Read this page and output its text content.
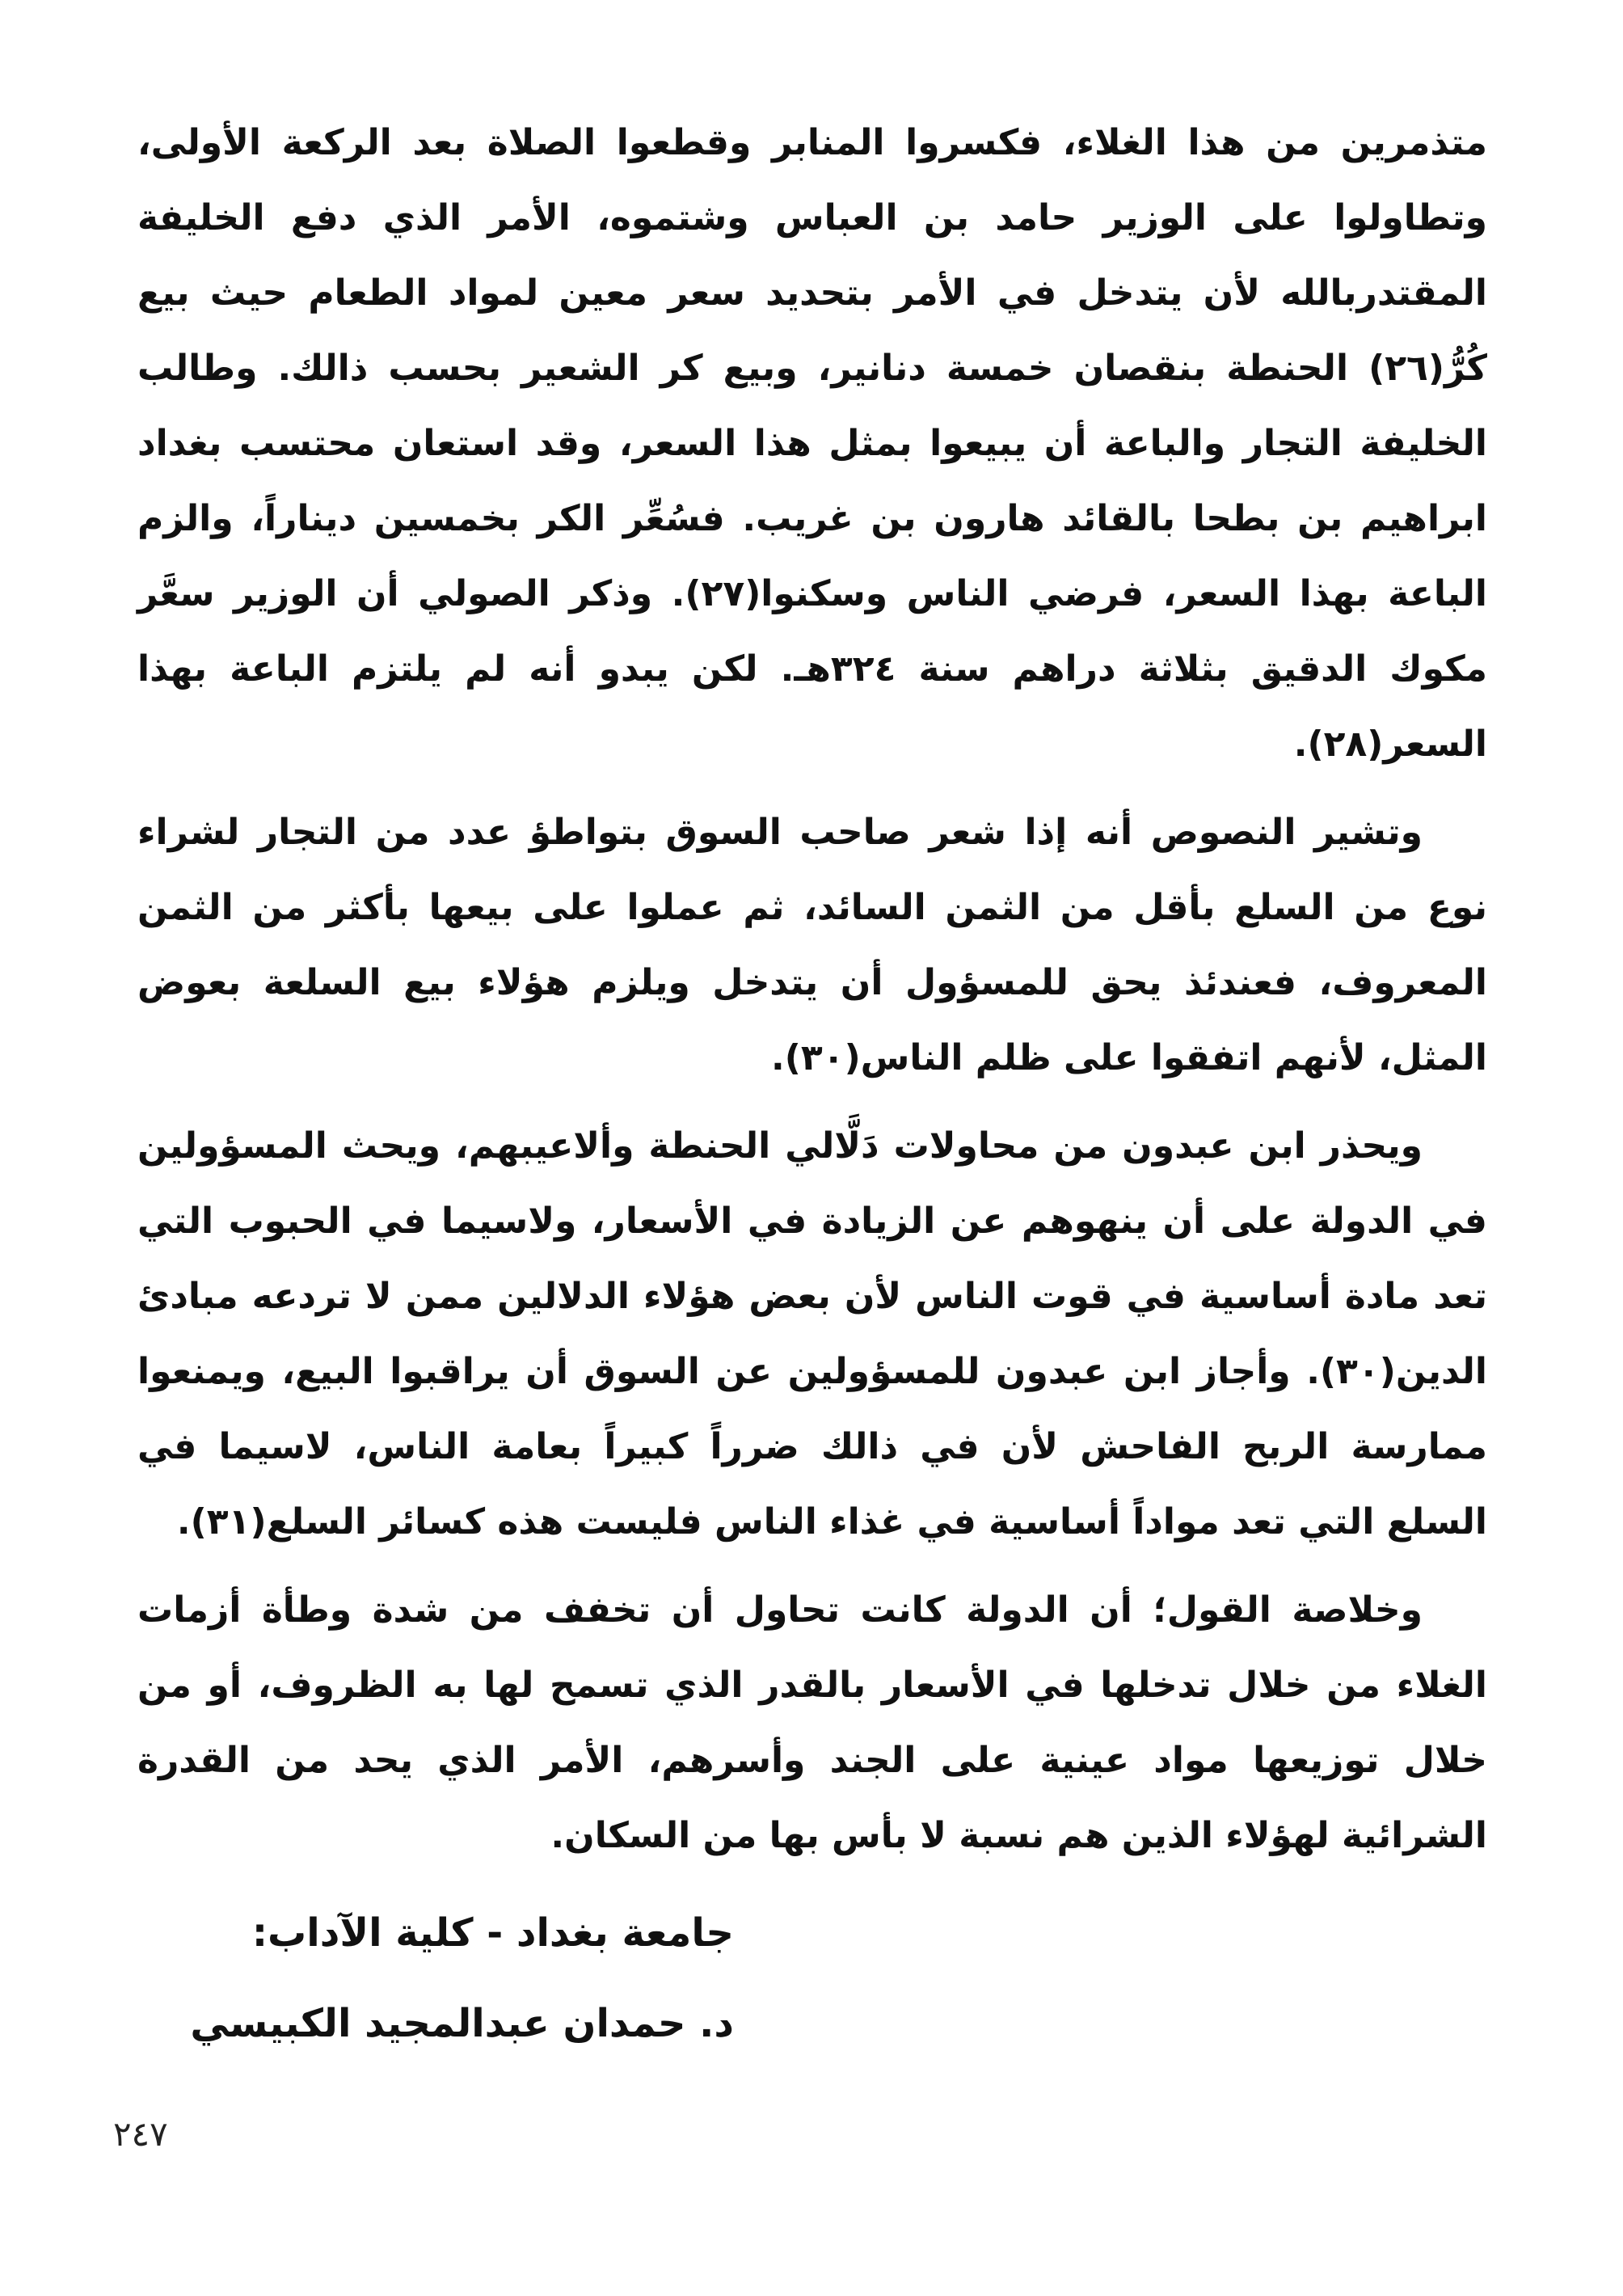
متذمرين من هذا الغلاء، فكسروا المنابر وقطعوا الصلاة بعد الركعة الأولى، وتطاولوا على الوزير حامد بن العباس وشتموه، الأمر الذي دفع الخليفة المقتدربالله لأن يتدخل في الأمر بتحديد سعر معين لمواد الطعام حيث بيع كُرُّ(٢٦) الحنطة بنقصان خمسة دنانير، وبيع كر الشعير بحسب ذالك. وطالب الخليفة التجار والباعة أن يبيعوا بمثل هذا السعر، وقد استعان محتسب بغداد ابراهيم بن بطحا بالقائد هارون بن غريب. فسُعِّر الكر بخمسين ديناراً، والزم الباعة بهذا السعر، فرضي الناس وسكنوا(٢٧). وذكر الصولي أن الوزير سعَّر مكوك الدقيق بثلاثة دراهم سنة ٣٢٤هـ. لكن يبدو أنه لم يلتزم الباعة بهذا السعر(٢٨).

وتشير النصوص أنه إذا شعر صاحب السوق بتواطؤ عدد من التجار لشراء نوع من السلع بأقل من الثمن السائد، ثم عملوا على بيعها بأكثر من الثمن المعروف، فعندئذ يحق للمسؤول أن يتدخل ويلزم هؤلاء بيع السلعة بعوض المثل، لأنهم اتفقوا على ظلم الناس(٣٠).

ويحذر ابن عبدون من محاولات دَلَّالي الحنطة وألاعيبهم، ويحث المسؤولين في الدولة على أن ينهوهم عن الزيادة في الأسعار، ولاسيما في الحبوب التي تعد مادة أساسية في قوت الناس لأن بعض هؤلاء الدلالين ممن لا تردعه مبادئ الدين(٣٠). وأجاز ابن عبدون للمسؤولين عن السوق أن يراقبوا البيع، ويمنعوا ممارسة الربح الفاحش لأن في ذالك ضرراً كبيراً بعامة الناس، لاسيما في السلع التي تعد مواداً أساسية في غذاء الناس فليست هذه كسائر السلع(٣١).

وخلاصة القول؛ أن الدولة كانت تحاول أن تخفف من شدة وطأة أزمات الغلاء من خلال تدخلها في الأسعار بالقدر الذي تسمح لها به الظروف، أو من خلال توزيعها مواد عينية على الجند وأسرهم، الأمر الذي يحد من القدرة الشرائية لهؤلاء الذين هم نسبة لا بأس بها من السكان.

جامعة بغداد - كلية الآداب:
د. حمدان عبدالمجيد الكبيسي
٢٤٧
